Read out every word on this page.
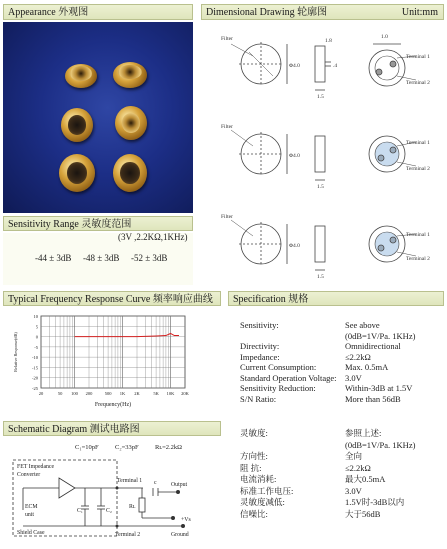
Appearance 外观图
Sensitivity Range 灵敏度范围
(3V ,2.2KΩ,1KHz)
-44 ± 3dB -48 ± 3dB -52 ± 3dB
Dimensional Drawing 轮廓图	Unit:mm
Filter
Filter
Filter
Φ4.0
Φ4.0
Φ4.0
1.8
.4
1.5
1.5
1.5
1.0
Terminal 1
Terminal 2
Terminal 1
Terminal 2
Terminal 1
Terminal 2
Typical Frequency Response Curve 频率响应曲线
10
5
0
-5
-10
-15
-20
-25
20	50 100 200	500 1K 2K	5K 10K 20K
Frequency(Hz)
Relative Response(dB)
Specification 规格
Sensitivity:	See above
(0dB=1V/Pa. 1KHz)
Directivity:	Omnidirectional
Impedance:	≤2.2kΩ
Current Consumption:	Max. 0.5mA
Standard Operation Voltage: 3.0V
Sensitivity Reduction:	Within-3dB at 1.5V
S/N Ratio:	More than 56dB
灵敏度:	参照上述:
(0dB=1V/Pa. 1KHz)
方向性:	全向
阻 抗:	≤2.2kΩ
电流消耗:	最大0.5mA
标准工作电压:	3.0V
灵敏度减低:	1.5V时-3dB以内
信噪比:	大于56dB
Schematic Diagram 测试电路图
C₁=10pF	C₂=33pF	Rʟ=2.2kΩ
FET Impedance
Converter
ECM
unit
Shield Case
Terminal 1
Terminal 2
Output
+Vs
Ground
C₁	C₂
c
Rʟ
